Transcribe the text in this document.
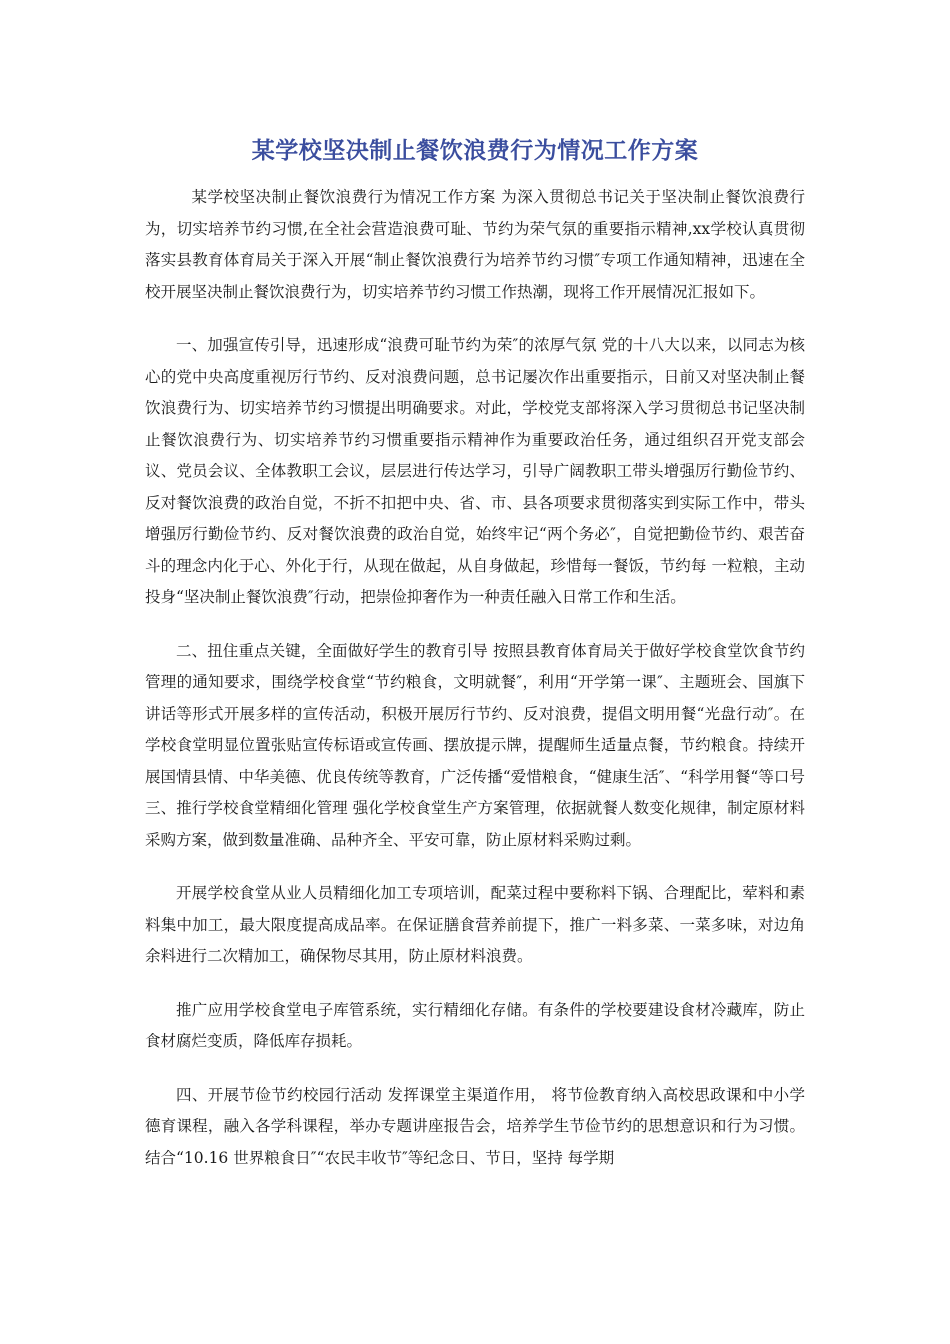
某学校坚决制止餐饮浪费行为情况工作方案

某学校坚决制止餐饮浪费行为情况工作方案 为深入贯彻总书记关于坚决制止餐饮浪费行为，切实培养节约习惯,在全社会营造浪费可耻、节约为荣气氛的重要指示精神,xx学校认真贯彻落实县教育体育局关于深入开展“制止餐饮浪费行为培养节约习惯″专项工作通知精神，迅速在全校开展坚决制止餐饮浪费行为，切实培养节约习惯工作热潮，现将工作开展情况汇报如下。

一、加强宣传引导，迅速形成“浪费可耻节约为荣″的浓厚气氛 党的十八大以来，以同志为核心的党中央高度重视厉行节约、反对浪费问题，总书记屡次作出重要指示，日前又对坚决制止餐饮浪费行为、切实培养节约习惯提出明确要求。对此，学校党支部将深入学习贯彻总书记坚决制止餐饮浪费行为、切实培养节约习惯重要指示精神作为重要政治任务，通过组织召开党支部会议、党员会议、全体教职工会议，层层进行传达学习，引导广阔教职工带头增强厉行勤俭节约、反对餐饮浪费的政治自觉，不折不扣把中央、省、市、县各项要求贯彻落实到实际工作中，带头增强厉行勤俭节约、反对餐饮浪费的政治自觉，始终牢记“两个务必″，自觉把勤俭节约、艰苦奋斗的理念内化于心、外化于行，从现在做起，从自身做起，珍惜每一餐饭，节约每 一粒粮，主动投身“坚决制止餐饮浪费″行动，把崇俭抑奢作为一种责任融入日常工作和生活。

二、扭住重点关键，全面做好学生的教育引导 按照县教育体育局关于做好学校食堂饮食节约管理的通知要求，围绕学校食堂“节约粮食，文明就餐″，利用“开学第一课″、主题班会、国旗下讲话等形式开展多样的宣传活动，积极开展厉行节约、反对浪费，提倡文明用餐“光盘行动″。在学校食堂明显位置张贴宣传标语或宣传画、摆放提示牌，提醒师生适量点餐，节约粮食。持续开展国情县情、中华美德、优良传统等教育，广泛传播“爱惜粮食，“健康生活″、“科学用餐“等口号 三、推行学校食堂精细化管理 强化学校食堂生产方案管理，依据就餐人数变化规律，制定原材料采购方案，做到数量准确、品种齐全、平安可靠，防止原材料采购过剩。

开展学校食堂从业人员精细化加工专项培训，配菜过程中要称料下锅、合理配比，荤料和素料集中加工，最大限度提高成品率。在保证膳食营养前提下，推广一料多菜、一菜多味，对边角余料进行二次精加工，确保物尽其用，防止原材料浪费。

推广应用学校食堂电子库管系统，实行精细化存储。有条件的学校要建设食材冷藏库，防止食材腐烂变质，降低库存损耗。

四、开展节俭节约校园行活动 发挥课堂主渠道作用， 将节俭教育纳入高校思政课和中小学德育课程，融入各学科课程，举办专题讲座报告会，培养学生节俭节约的思想意识和行为习惯。结合“10.16 世界粮食日″“农民丰收节″等纪念日、节日，坚持 每学期
